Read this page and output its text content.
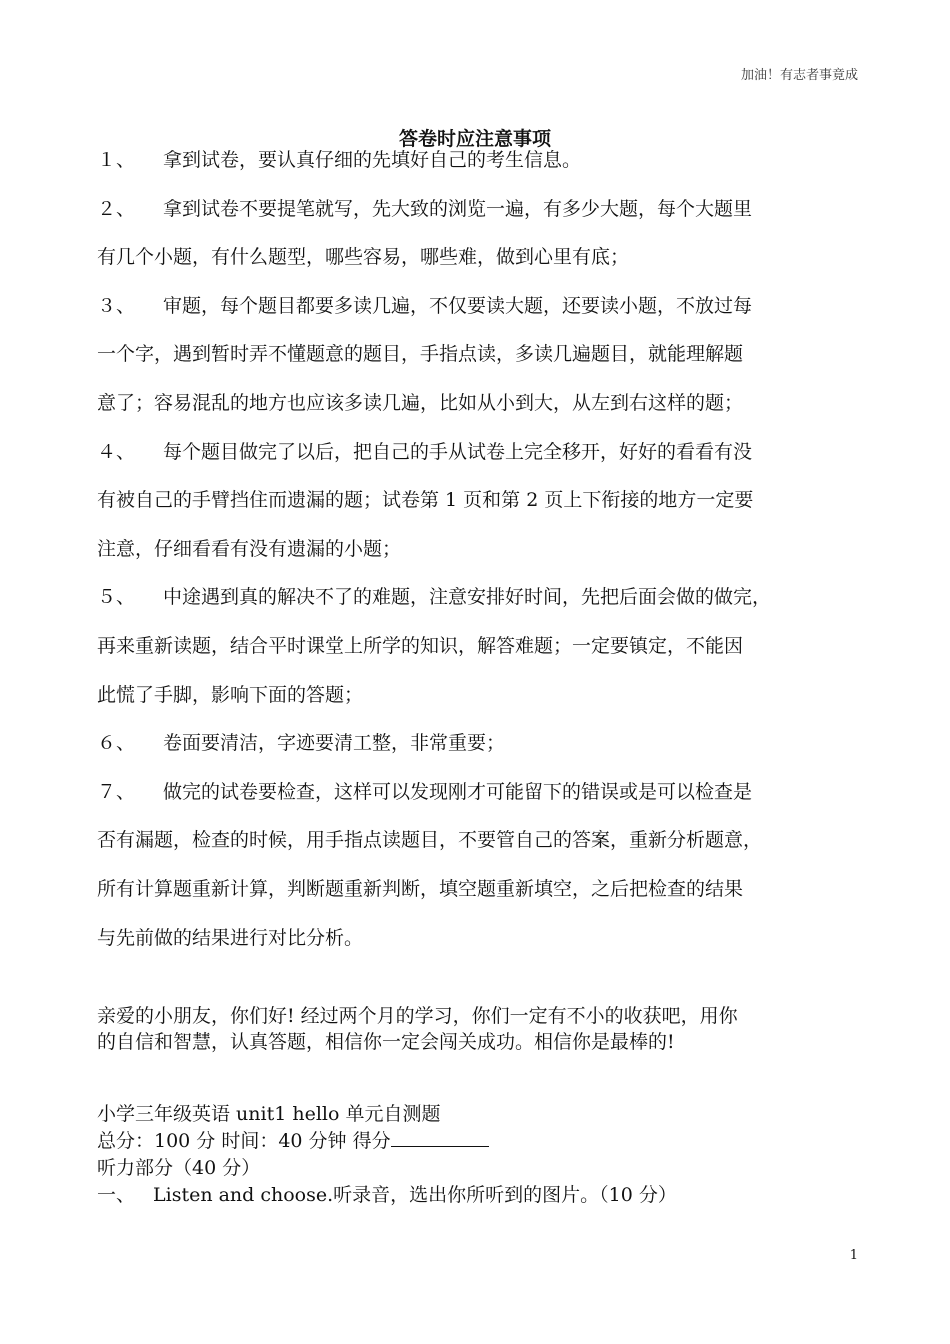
加油！有志者事竟成
答卷时应注意事项
１、 拿到试卷，要认真仔细的先填好自己的考生信息。
２、 拿到试卷不要提笔就写，先大致的浏览一遍，有多少大题，每个大题里
有几个小题，有什么题型，哪些容易，哪些难，做到心里有底；
３、 审题，每个题目都要多读几遍，不仅要读大题，还要读小题，不放过每
一个字，遇到暂时弄不懂题意的题目，手指点读，多读几遍题目，就能理解题
意了；容易混乱的地方也应该多读几遍，比如从小到大，从左到右这样的题；
４、 每个题目做完了以后，把自己的手从试卷上完全移开，好好的看看有没
有被自己的手臂挡住而遗漏的题；试卷第 1 页和第 2 页上下衔接的地方一定要
注意，仔细看看有没有遗漏的小题；
５、 中途遇到真的解决不了的难题，注意安排好时间，先把后面会做的做完，
再来重新读题，结合平时课堂上所学的知识，解答难题；一定要镇定，不能因
此慌了手脚，影响下面的答题；
６、 卷面要清洁，字迹要清工整，非常重要；
７、 做完的试卷要检查，这样可以发现刚才可能留下的错误或是可以检查是
否有漏题，检查的时候，用手指点读题目，不要管自己的答案，重新分析题意，
所有计算题重新计算，判断题重新判断，填空题重新填空，之后把检查的结果
与先前做的结果进行对比分析。
亲爱的小朋友，你们好! 经过两个月的学习，你们一定有不小的收获吧，用你
的自信和智慧，认真答题，相信你一定会闯关成功。相信你是最棒的!
小学三年级英语 unit1 hello 单元自测题
总分：100 分 时间：40 分钟 得分
听力部分（40 分）
一、 Listen and choose.听录音，选出你所听到的图片。（10 分）
1
